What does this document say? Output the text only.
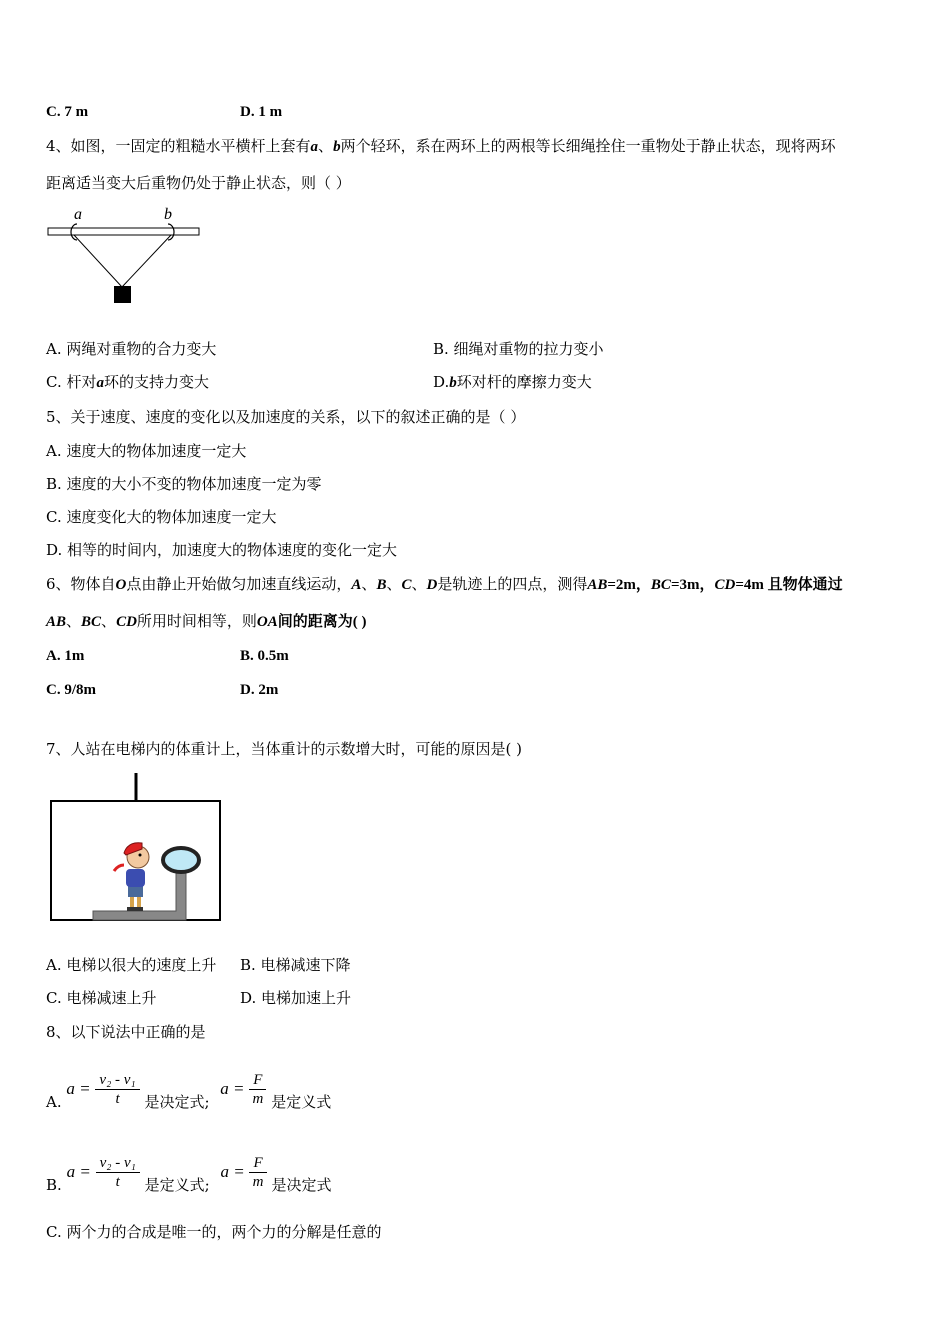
C. 7 m	D. 1 m
4、如图，一固定的粗糙水平横杆上套有a、b两个轻环，系在两环上的两根等长细绳拴住一重物处于静止状态，现将两环
距离适当变大后重物仍处于静止状态，则（ ）
a	b
A. 两绳对重物的合力变大	B. 细绳对重物的拉力变小
C. 杆对a环的支持力变大	D.b环对杆的摩擦力变大
5、关于速度、速度的变化以及加速度的关系，以下的叙述正确的是（ ）
A. 速度大的物体加速度一定大
B. 速度的大小不变的物体加速度一定为零
C. 速度变化大的物体加速度一定大
D. 相等的时间内，加速度大的物体速度的变化一定大
6、物体自O点由静止开始做匀加速直线运动，A、B、C、D是轨迹上的四点，测得AB=2m，BC=3m，CD=4m 且物体通过
AB、BC、CD所用时间相等，则OA间的距离为( )
A. 1m	B. 0.5m
C. 9/8m	D. 2m
7、人站在电梯内的体重计上，当体重计的示数增大时，可能的原因是( )
A. 电梯以很大的速度上升 B. 电梯减速下降
C. 电梯减速上升	D. 电梯加速上升
8、以下说法中正确的是
A. $a = \frac{\text{v₂ - v₁}}{t}$ 是决定式; $a = \frac{F}{m}$ 是定义式
B. $a = \frac{\text{v₂ - v₁}}{t}$ 是定义式; $a = \frac{F}{m}$ 是决定式
C. 两个力的合成是唯一的，两个力的分解是任意的
